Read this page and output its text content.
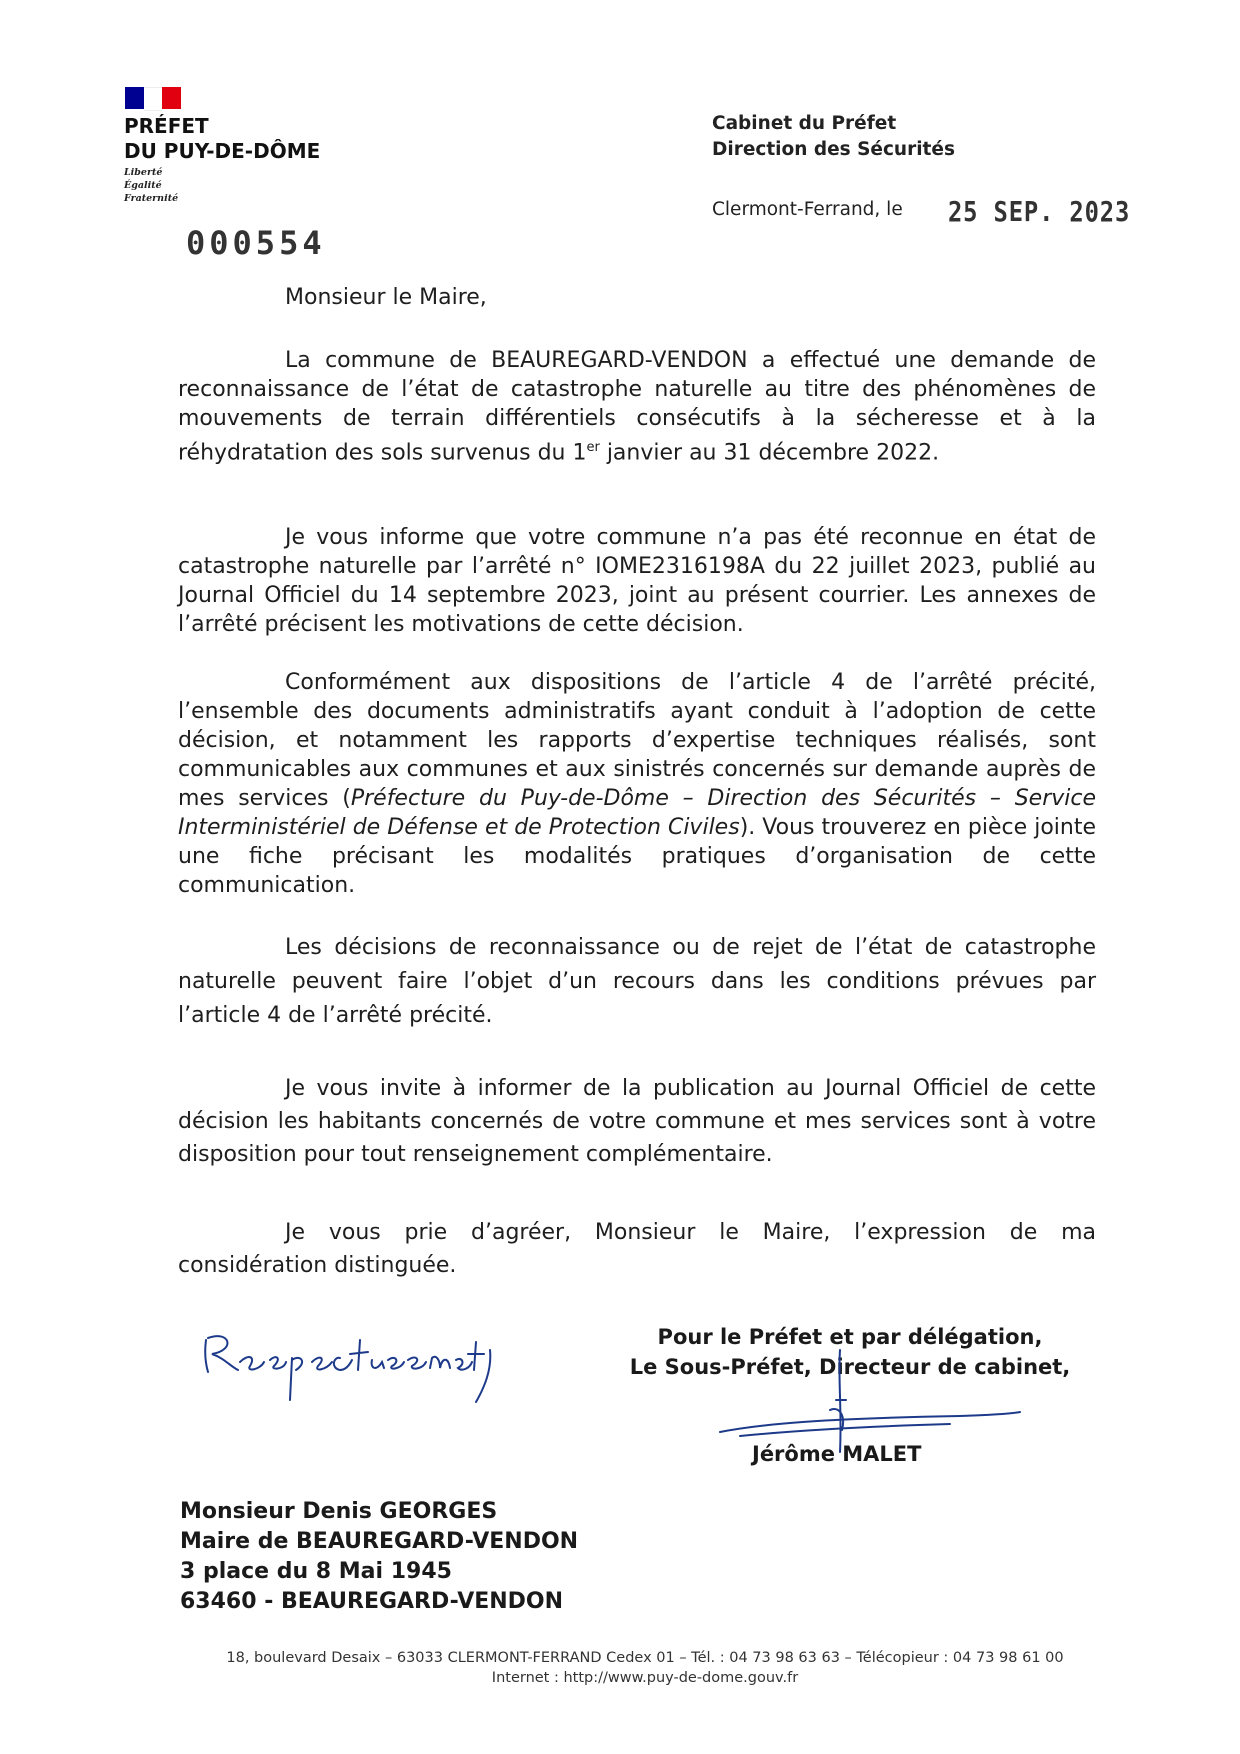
PRÉFET
DU PUY-DE-DÔME
Liberté
Égalité
Fraternité
Cabinet du Préfet
Direction des Sécurités
Clermont-Ferrand, le 25 SEP. 2023
000554
Monsieur le Maire,
La commune de BEAUREGARD-VENDON a effectué une demande de reconnaissance de l’état de catastrophe naturelle au titre des phénomènes de mouvements de terrain différentiels consécutifs à la sécheresse et à la réhydratation des sols survenus du 1er janvier au 31 décembre 2022.
Je vous informe que votre commune n’a pas été reconnue en état de catastrophe naturelle par l’arrêté n° IOME2316198A du 22 juillet 2023, publié au Journal Officiel du 14 septembre 2023, joint au présent courrier. Les annexes de l’arrêté précisent les motivations de cette décision.
Conformément aux dispositions de l’article 4 de l’arrêté précité, l’ensemble des documents administratifs ayant conduit à l’adoption de cette décision, et notamment les rapports d’expertise techniques réalisés, sont communicables aux communes et aux sinistrés concernés sur demande auprès de mes services (Préfecture du Puy-de-Dôme – Direction des Sécurités – Service Interministériel de Défense et de Protection Civiles). Vous trouverez en pièce jointe une fiche précisant les modalités pratiques d’organisation de cette communication.
Les décisions de reconnaissance ou de rejet de l’état de catastrophe naturelle peuvent faire l’objet d’un recours dans les conditions prévues par l’article 4 de l’arrêté précité.
Je vous invite à informer de la publication au Journal Officiel de cette décision les habitants concernés de votre commune et mes services sont à votre disposition pour tout renseignement complémentaire.
Je vous prie d’agréer, Monsieur le Maire, l’expression de ma considération distinguée.
Pour le Préfet et par délégation,
Le Sous-Préfet, Directeur de cabinet,
Jérôme MALET
Monsieur Denis GEORGES
Maire de BEAUREGARD-VENDON
3 place du 8 Mai 1945
63460 - BEAUREGARD-VENDON
18, boulevard Desaix – 63033 CLERMONT-FERRAND Cedex 01 – Tél. : 04 73 98 63 63 – Télécopieur : 04 73 98 61 00
Internet : http://www.puy-de-dome.gouv.fr
